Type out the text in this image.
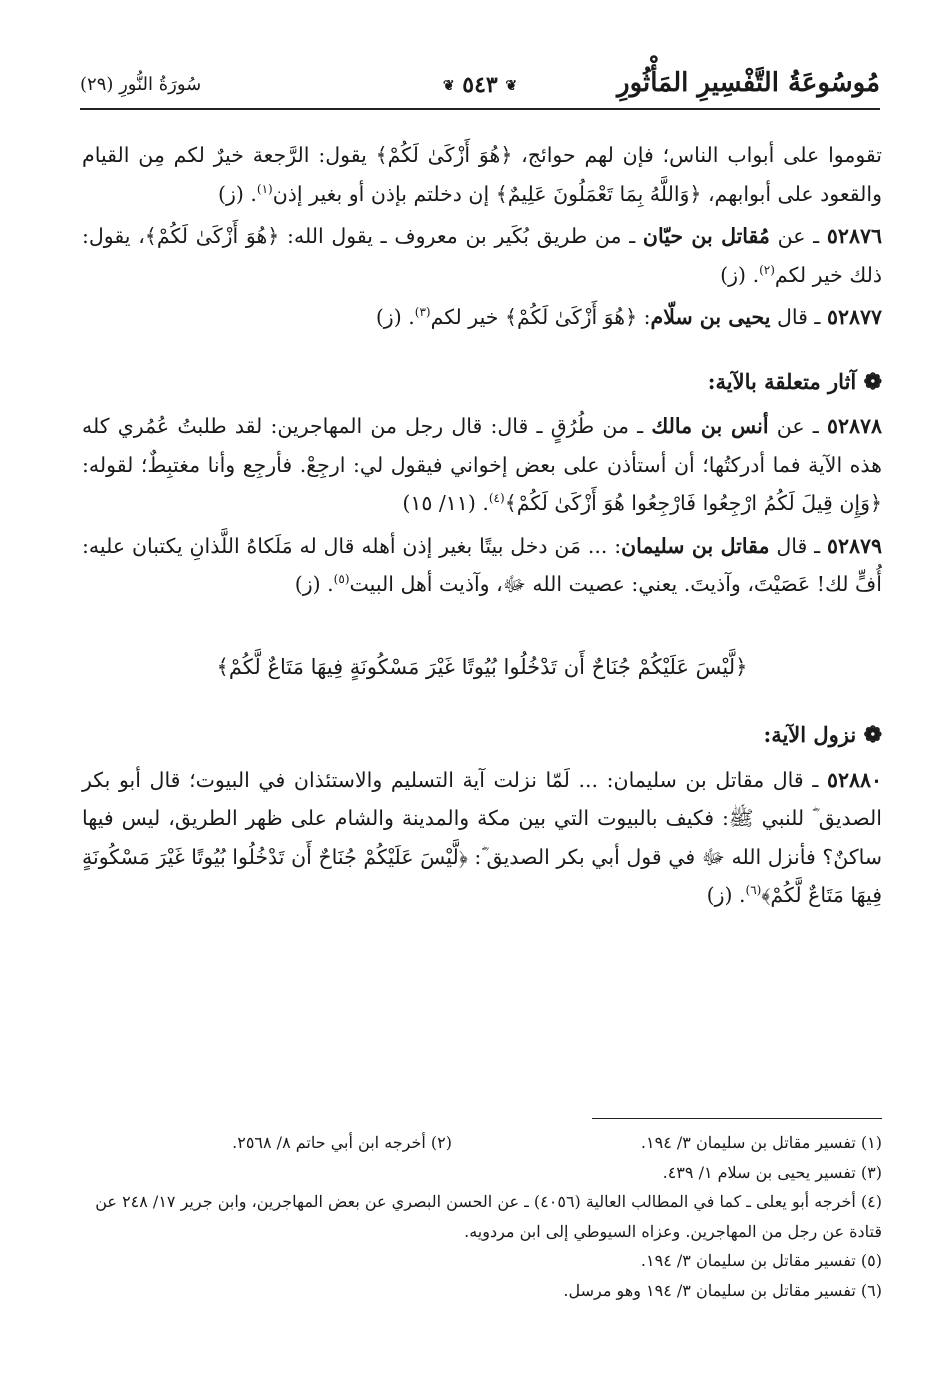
مُوسُوعَةُ التَّفْسِيرِ المَأْثُورِ
❦ ٥٤٣ ❦
سُورَةُ النُّورِ (٢٩)

تقوموا على أبواب الناس؛ فإن لهم حوائج، ﴿هُوَ أَزْكَىٰ لَكُمْ﴾ يقول: الرَّجعة خيرٌ لكم مِن القيام والقعود على أبوابهم، ﴿وَاللَّهُ بِمَا تَعْمَلُونَ عَلِيمٌ﴾ إن دخلتم بإذن أو بغير إذن$^{(١)}$. (ز)

٥٢٨٧٦ ـ عن مُقاتل بن حيّان ـ من طريق بُكَير بن معروف ـ يقول الله: ﴿هُوَ أَزْكَىٰ لَكُمْ﴾، يقول: ذلك خير لكم$^{(٢)}$. (ز)

٥٢٨٧٧ ـ قال يحيى بن سلّام: ﴿هُوَ أَزْكَىٰ لَكُمْ﴾ خير لكم$^{(٣)}$. (ز)

❁ آثار متعلقة بالآية:

٥٢٨٧٨ ـ عن أنس بن مالك ـ من طُرُقٍ ـ قال: قال رجل من المهاجرين: لقد طلبتُ عُمُري كله هذه الآية فما أدركتُها؛ أن أستأذن على بعض إخواني فيقول لي: ارجِعْ. فأرجِع وأنا مغتبِطٌ؛ لقوله: ﴿وَإِن قِيلَ لَكُمُ ارْجِعُوا فَارْجِعُوا هُوَ أَزْكَىٰ لَكُمْ﴾$^{(٤)}$. (١١/ ١٥)

٥٢٨٧٩ ـ قال مقاتل بن سليمان: ... مَن دخل بيتًا بغير إذن أهله قال له مَلَكاهُ اللَّذانِ يكتبان عليه: أُفٍّ لك! عَصَيْتَ، وآذيتَ. يعني: عصيت الله ﷻ، وآذيت أهل البيت$^{(٥)}$. (ز)

﴿لَّيْسَ عَلَيْكُمْ جُنَاحٌ أَن تَدْخُلُوا بُيُوتًا غَيْرَ مَسْكُونَةٍ فِيهَا مَتَاعٌ لَّكُمْ﴾

❁ نزول الآية:

٥٢٨٨٠ ـ قال مقاتل بن سليمان: ... لَمّا نزلت آية التسليم والاستئذان في البيوت؛ قال أبو بكر الصديق ؓ للنبي ﷺ: فكيف بالبيوت التي بين مكة والمدينة والشام على ظهر الطريق، ليس فيها ساكنٌ؟ فأنزل الله ﷻ في قول أبي بكر الصديق ؓ: ﴿لَّيْسَ عَلَيْكُمْ جُنَاحٌ أَن تَدْخُلُوا بُيُوتًا غَيْرَ مَسْكُونَةٍ فِيهَا مَتَاعٌ لَّكُمْ﴾$^{(٦)}$. (ز)

(١) تفسير مقاتل بن سليمان ٣/ ١٩٤.

(٢) أخرجه ابن أبي حاتم ٨/ ٢٥٦٨.

(٣) تفسير يحيى بن سلام ١/ ٤٣٩.

(٤) أخرجه أبو يعلى ـ كما في المطالب العالية (٤٠٥٦) ـ عن الحسن البصري عن بعض المهاجرين، وابن جرير ١٧/ ٢٤٨ عن قتادة عن رجل من المهاجرين. وعزاه السيوطي إلى ابن مردويه.

(٥) تفسير مقاتل بن سليمان ٣/ ١٩٤.

(٦) تفسير مقاتل بن سليمان ٣/ ١٩٤ وهو مرسل.
